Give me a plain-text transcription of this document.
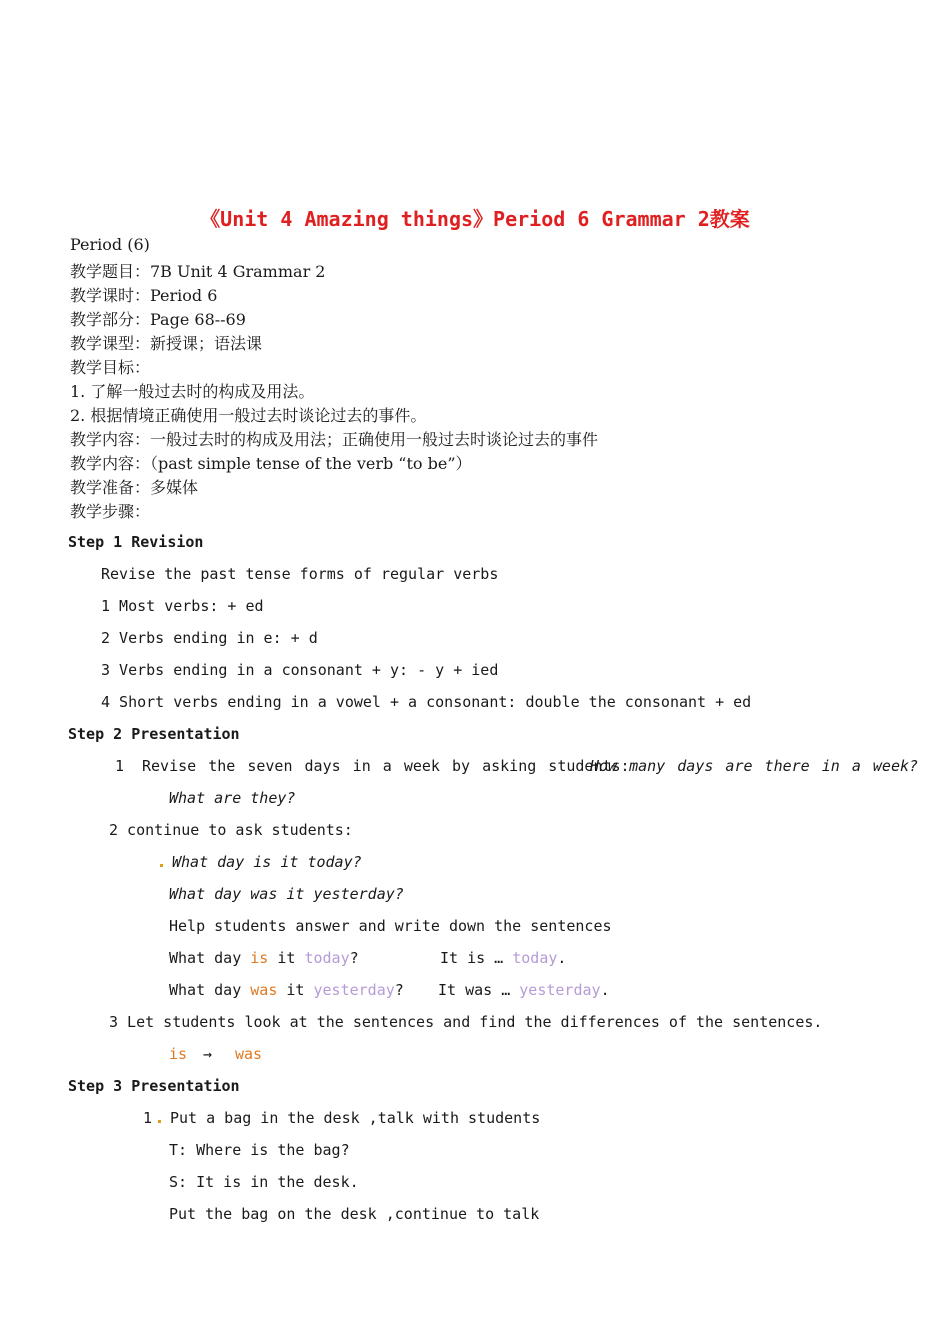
《Unit 4 Amazing things》Period 6 Grammar 2教案
Period (6)
教学题目：7B Unit 4 Grammar 2
教学课时：Period 6
教学部分：Page 68--69
教学课型：新授课；语法课
教学目标：
1. 了解一般过去时的构成及用法。
2. 根据情境正确使用一般过去时谈论过去的事件。
教学内容：一般过去时的构成及用法；正确使用一般过去时谈论过去的事件
教学内容：（past simple tense of the verb “to be”）
教学准备：多媒体
教学步骤：
Step 1 Revision
Revise the past tense forms of regular verbs
1 Most verbs: + ed
2 Verbs ending in e: + d
3 Verbs ending in a consonant + y: - y + ied
4 Short verbs ending in a vowel + a consonant: double the consonant + ed
Step 2 Presentation
1 Revise the seven days in a week by asking students:
How many days are there in a week?
What are they?
2 continue to ask students:
What day is it today?
What day was it yesterday?
Help students answer and write down the sentences
What day is it today?	It is … today.
What day was it yesterday? It was … yesterday.
3 Let students look at the sentences and find the differences of the sentences.
is → was
Step 3 Presentation
1 Put a bag in the desk ,talk with students
T: Where is the bag?
S: It is in the desk.
Put the bag on the desk ,continue to talk
